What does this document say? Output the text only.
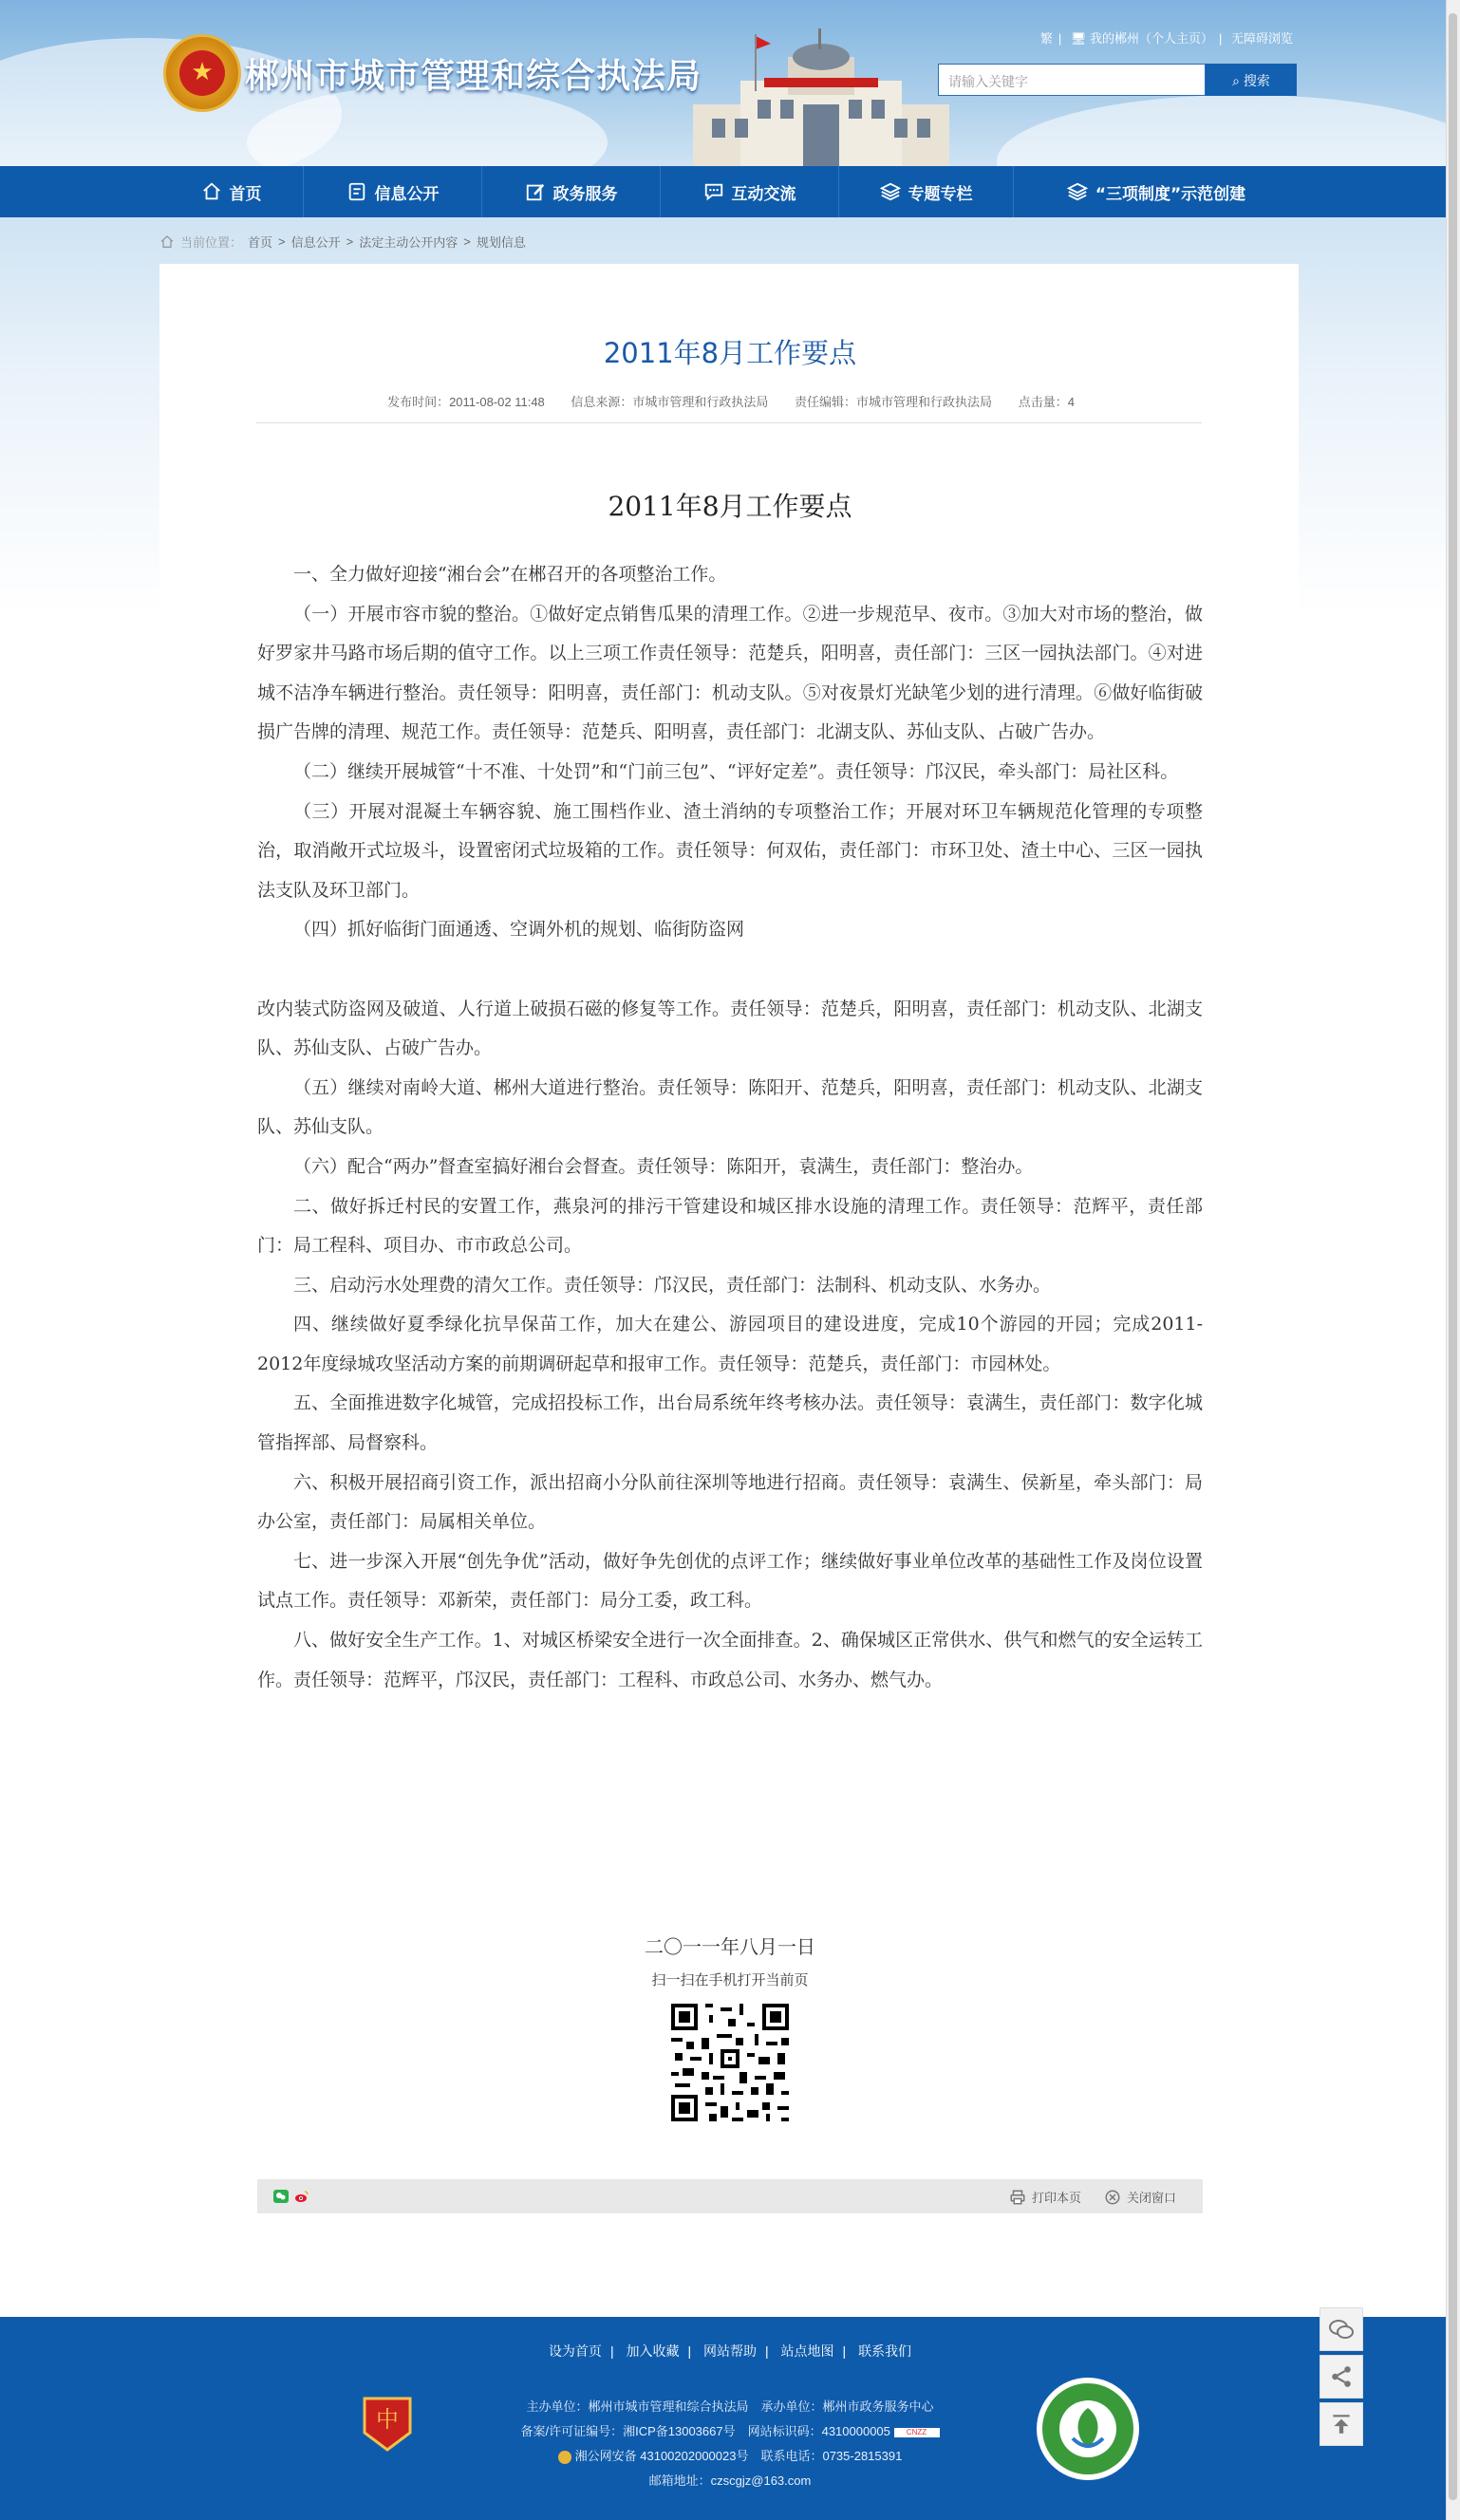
★ 郴州市城市管理和综合执法局
繁 | 🖥 我的郴州（个人主页） | 无障碍浏览
请输入关键字	⌕ 搜索
首页	信息公开	政务服务	互动交流	专题专栏	“三项制度”示范创建
当前位置： 首页 > 信息公开 > 法定主动公开内容 > 规划信息
2011年8月工作要点
发布时间：2011-08-02 11:48 信息来源：市城市管理和行政执法局 责任编辑：市城市管理和行政执法局 点击量：4
2011年8月工作要点

一、全力做好迎接“湘台会”在郴召开的各项整治工作。

（一）开展市容市貌的整治。①做好定点销售瓜果的清理工作。②进一步规范早、夜市。③加大对市场的整治，做好罗家井马路市场后期的值守工作。以上三项工作责任领导：范楚兵，阳明喜，责任部门：三区一园执法部门。④对进城不洁净车辆进行整治。责任领导：阳明喜，责任部门：机动支队。⑤对夜景灯光缺笔少划的进行清理。⑥做好临街破损广告牌的清理、规范工作。责任领导：范楚兵、阳明喜，责任部门：北湖支队、苏仙支队、占破广告办。

（二）继续开展城管“十不准、十处罚”和“门前三包”、“评好定差”。责任领导：邝汉民，牵头部门：局社区科。

（三）开展对混凝土车辆容貌、施工围档作业、渣土消纳的专项整治工作；开展对环卫车辆规范化管理的专项整治，取消敞开式垃圾斗，设置密闭式垃圾箱的工作。责任领导：何双佑，责任部门：市环卫处、渣土中心、三区一园执法支队及环卫部门。

（四）抓好临街门面通透、空调外机的规划、临街防盗网

改内装式防盗网及破道、人行道上破损石磁的修复等工作。责任领导：范楚兵，阳明喜，责任部门：机动支队、北湖支队、苏仙支队、占破广告办。

（五）继续对南岭大道、郴州大道进行整治。责任领导：陈阳开、范楚兵，阳明喜，责任部门：机动支队、北湖支队、苏仙支队。

（六）配合“两办”督查室搞好湘台会督查。责任领导：陈阳开，袁满生，责任部门：整治办。

二、做好拆迁村民的安置工作，燕泉河的排污干管建设和城区排水设施的清理工作。责任领导：范辉平，责任部门：局工程科、项目办、市市政总公司。

三、启动污水处理费的清欠工作。责任领导：邝汉民，责任部门：法制科、机动支队、水务办。

四、继续做好夏季绿化抗旱保苗工作，加大在建公、游园项目的建设进度，完成10个游园的开园；完成2011-2012年度绿城攻坚活动方案的前期调研起草和报审工作。责任领导：范楚兵，责任部门：市园林处。

五、全面推进数字化城管，完成招投标工作，出台局系统年终考核办法。责任领导：袁满生，责任部门：数字化城管指挥部、局督察科。

六、积极开展招商引资工作，派出招商小分队前往深圳等地进行招商。责任领导：袁满生、侯新星，牵头部门：局办公室，责任部门：局属相关单位。

七、进一步深入开展“创先争优”活动，做好争先创优的点评工作；继续做好事业单位改革的基础性工作及岗位设置试点工作。责任领导：邓新荣，责任部门：局分工委，政工科。

八、做好安全生产工作。1、对城区桥梁安全进行一次全面排查。2、确保城区正常供水、供气和燃气的安全运转工作。责任领导：范辉平，邝汉民，责任部门：工程科、市政总公司、水务办、燃气办。

二〇一一年八月一日
扫一扫在手机打开当前页
打印本页	关闭窗口
设为首页 | 加入收藏 | 网站帮助 | 站点地图 | 联系我们
中	主办单位：郴州市城市管理和综合执法局　承办单位：郴州市政务服务中心
备案/许可证编号：湘ICP备13003667号　网站标识码：4310000005 CNZZ
湘公网安备 43100202000023号　联系电话：0735-2815391
邮箱地址：czscgjz@163.com
